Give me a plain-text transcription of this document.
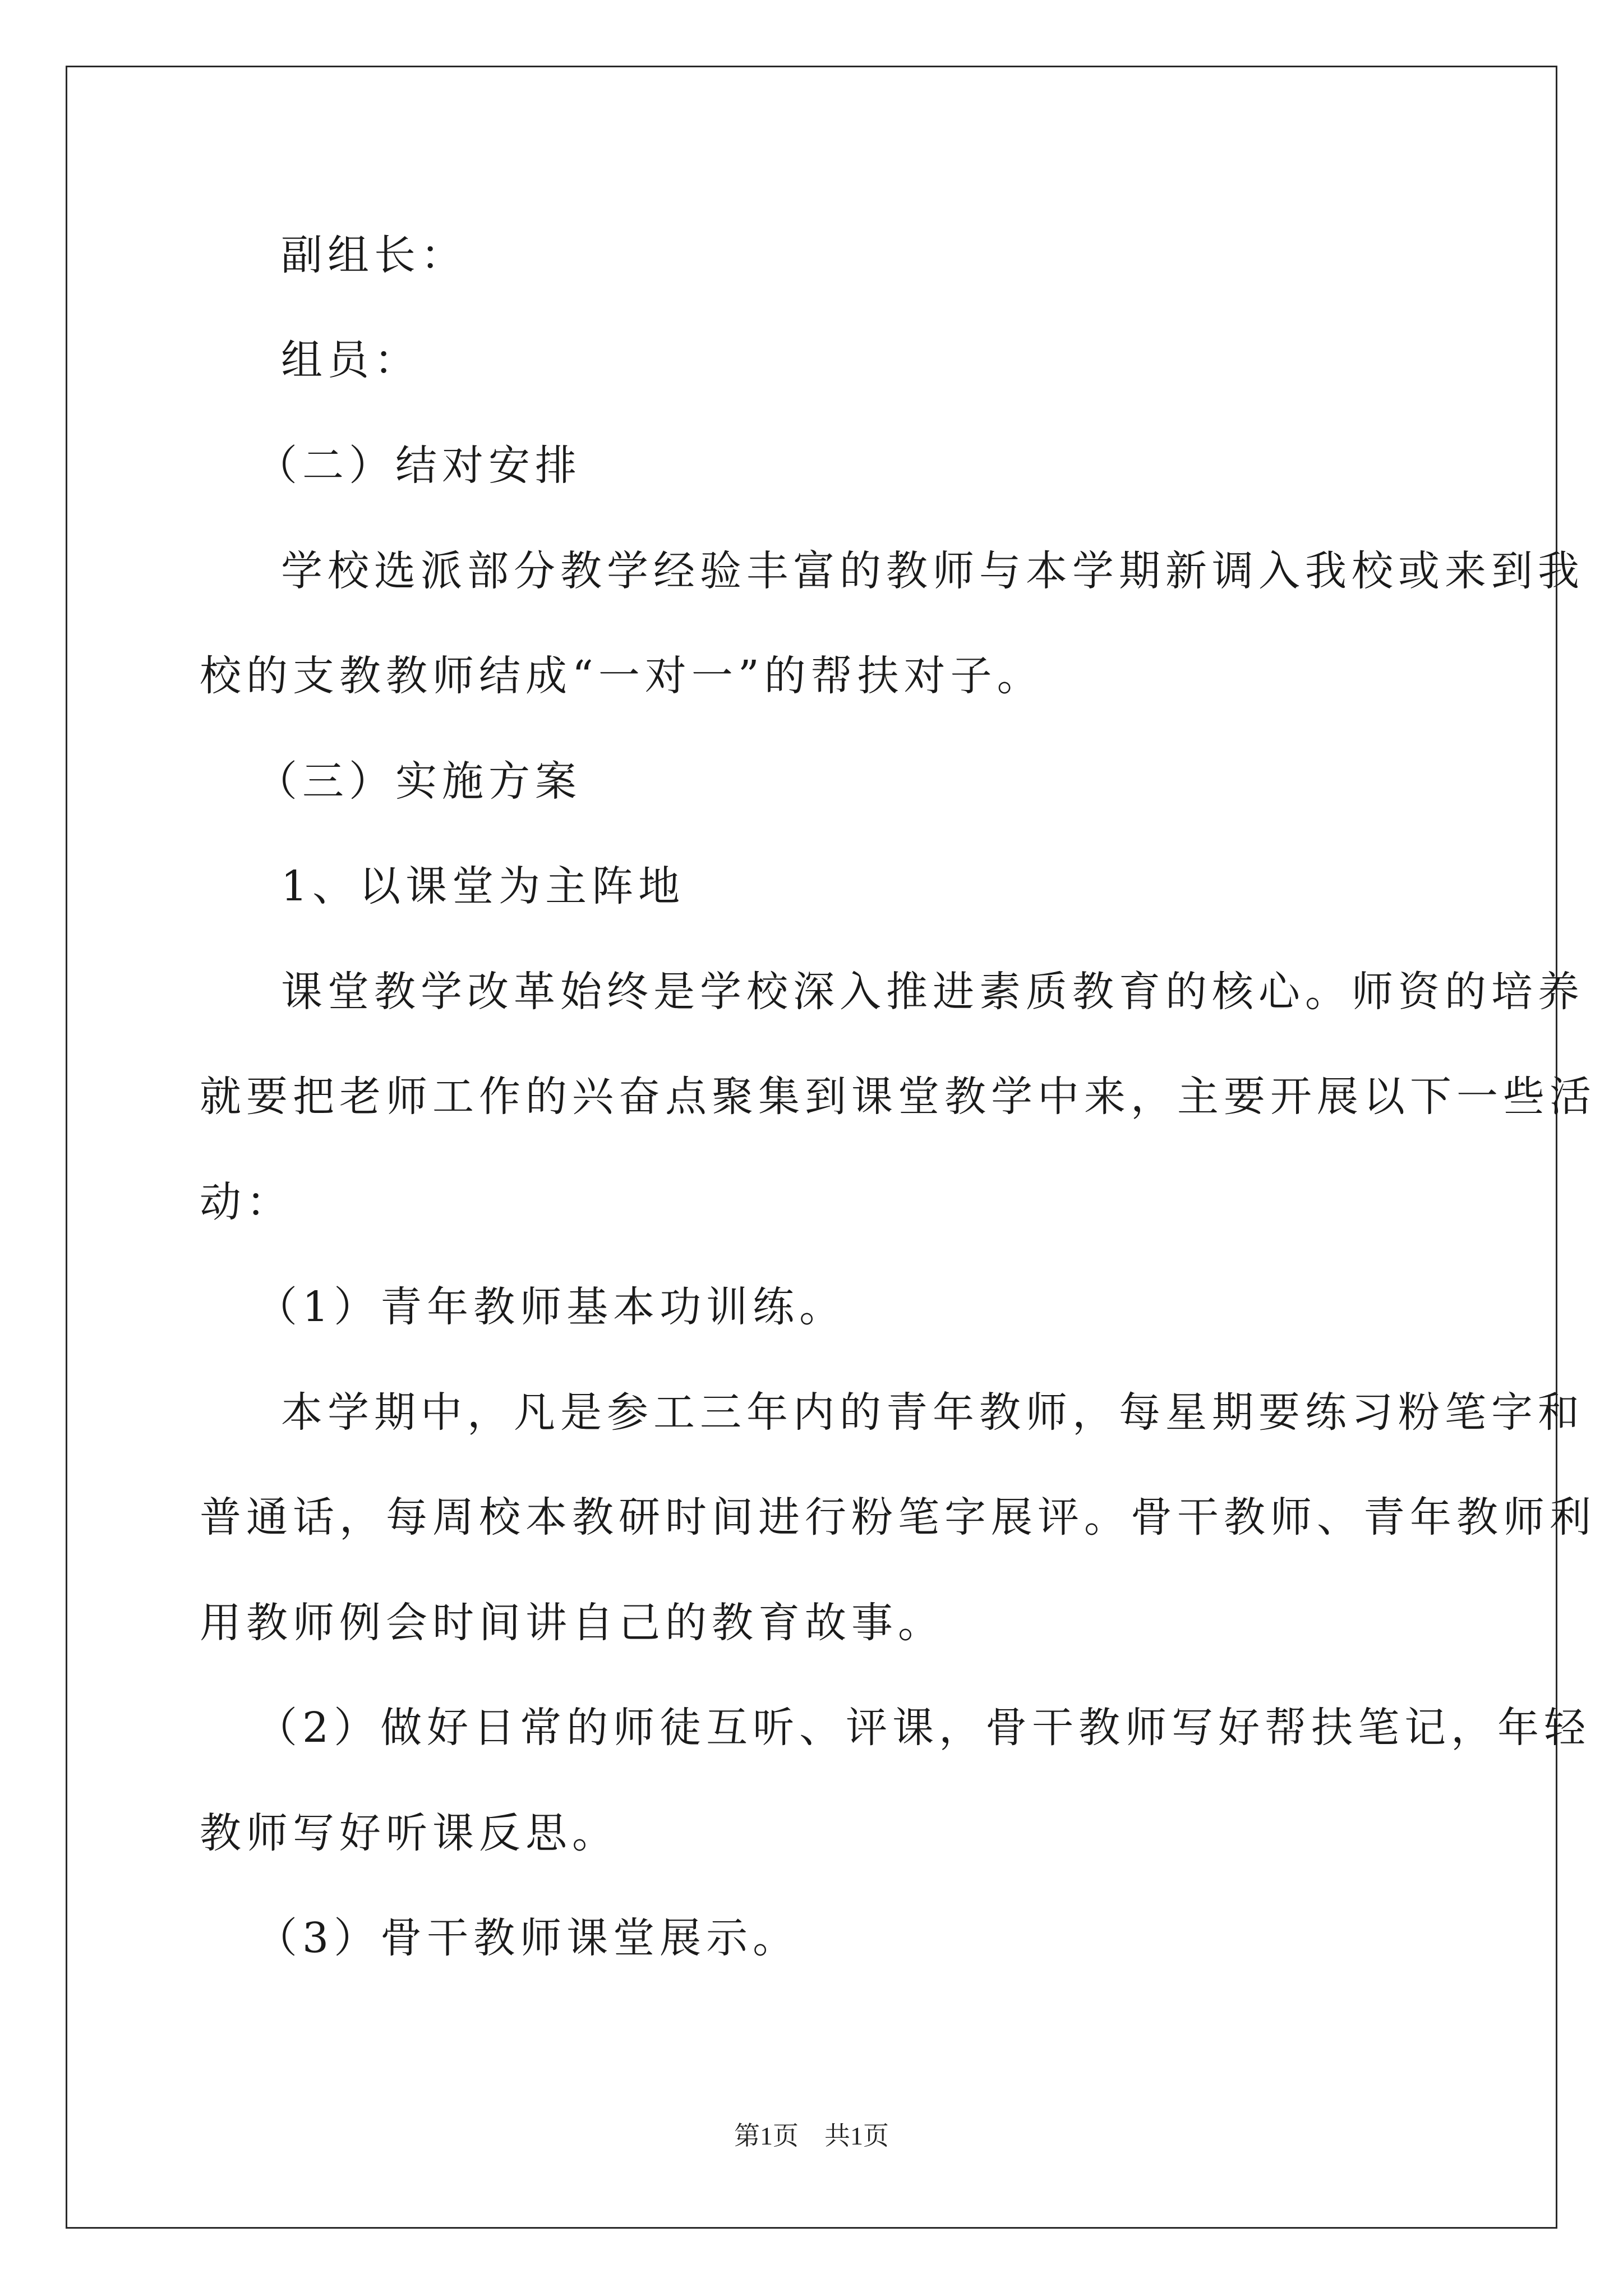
副组长：
组员：
（二）结对安排
学校选派部分教学经验丰富的教师与本学期新调入我校或来到我
校的支教教师结成“一对一”的帮扶对子。
（三）实施方案
1、以课堂为主阵地
课堂教学改革始终是学校深入推进素质教育的核心。师资的培养
就要把老师工作的兴奋点聚集到课堂教学中来，主要开展以下一些活
动：
（1）青年教师基本功训练。
本学期中，凡是参工三年内的青年教师，每星期要练习粉笔字和
普通话，每周校本教研时间进行粉笔字展评。骨干教师、青年教师利
用教师例会时间讲自己的教育故事。
（2）做好日常的师徒互听、评课，骨干教师写好帮扶笔记，年轻
教师写好听课反思。
（3）骨干教师课堂展示。
第1页　共1页
